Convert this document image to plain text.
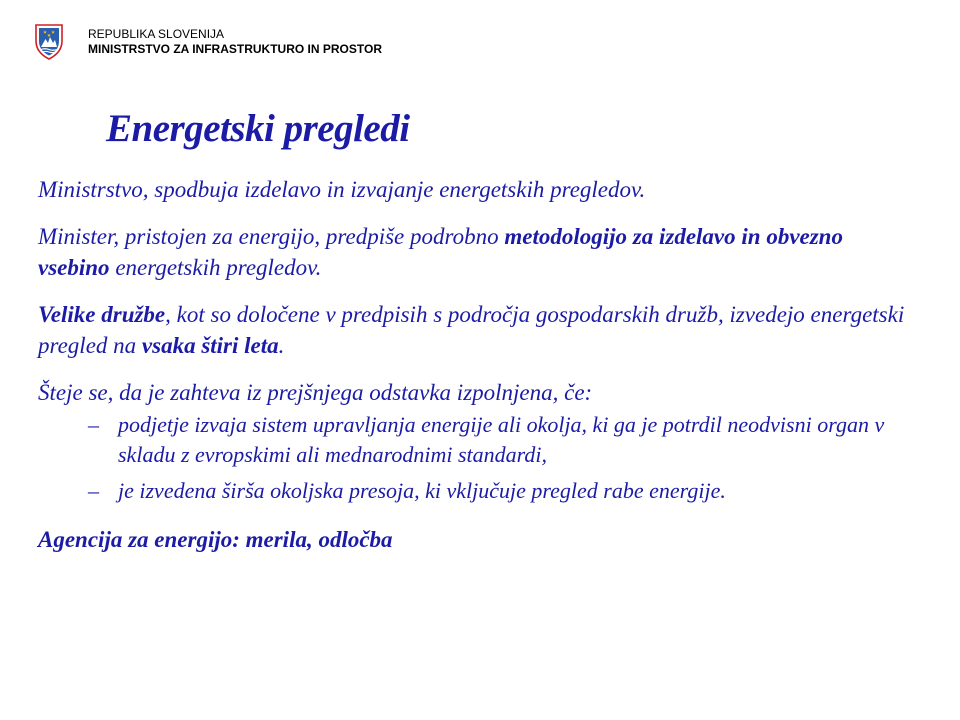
REPUBLIKA SLOVENIJA
MINISTRSTVO ZA INFRASTRUKTURO IN PROSTOR
Energetski pregledi

Ministrstvo, spodbuja izdelavo in izvajanje energetskih pregledov.

Minister, pristojen za energijo, predpiše podrobno metodologijo za izdelavo in obvezno vsebino energetskih pregledov.

Velike družbe, kot so določene v predpisih s področja gospodarskih družb, izvedejo energetski pregled na vsaka štiri leta.

Šteje se, da je zahteva iz prejšnjega odstavka izpolnjena, če:

– podjetje izvaja sistem upravljanja energije ali okolja, ki ga je potrdil neodvisni organ v skladu z evropskimi ali mednarodnimi standardi,
– je izvedena širša okoljska presoja, ki vključuje pregled rabe energije.

Agencija za energijo: merila, odločba
